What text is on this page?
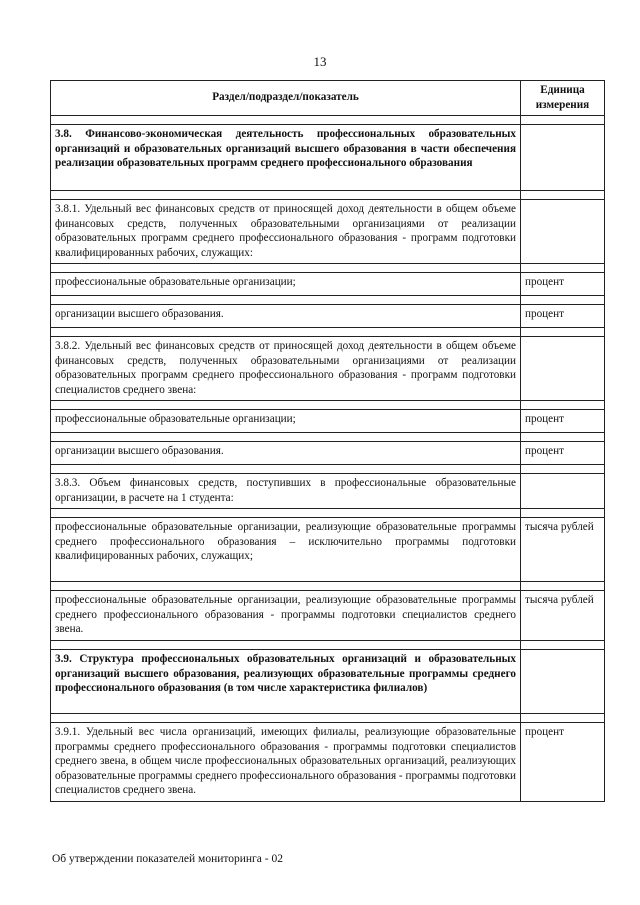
13
Раздел/подраздел/показатель	Единица измерения

3.8. Финансово-экономическая деятельность профессиональных образовательных организаций и образовательных организаций высшего образования в части обеспечения реализации образовательных программ среднего профессионального образования	

3.8.1. Удельный вес финансовых средств от приносящей доход деятельности в общем объеме финансовых средств, полученных образовательными организациями от реализации образовательных программ среднего профессионального образования - программ подготовки квалифицированных рабочих, служащих:	

профессиональные образовательные организации;	процент

организации высшего образования.	процент

3.8.2. Удельный вес финансовых средств от приносящей доход деятельности в общем объеме финансовых средств, полученных образовательными организациями от реализации образовательных программ среднего профессионального образования - программ подготовки специалистов среднего звена:	

профессиональные образовательные организации;	процент

организации высшего образования.	процент

3.8.3. Объем финансовых средств, поступивших в профессиональные образовательные организации, в расчете на 1 студента:	

профессиональные образовательные организации, реализующие образовательные программы среднего профессионального образования – исключительно программы подготовки квалифицированных рабочих, служащих;	тысяча рублей

профессиональные образовательные организации, реализующие образовательные программы среднего профессионального образования - программы подготовки специалистов среднего звена.	тысяча рублей

3.9. Структура профессиональных образовательных организаций и образовательных организаций высшего образования, реализующих образовательные программы среднего профессионального образования (в том числе характеристика филиалов)	

3.9.1. Удельный вес числа организаций, имеющих филиалы, реализующие образовательные программы среднего профессионального образования - программы подготовки специалистов среднего звена, в общем числе профессиональных образовательных организаций, реализующих образовательные программы среднего профессионального образования - программы подготовки специалистов среднего звена.	процент
Об утверждении показателей мониторинга - 02
